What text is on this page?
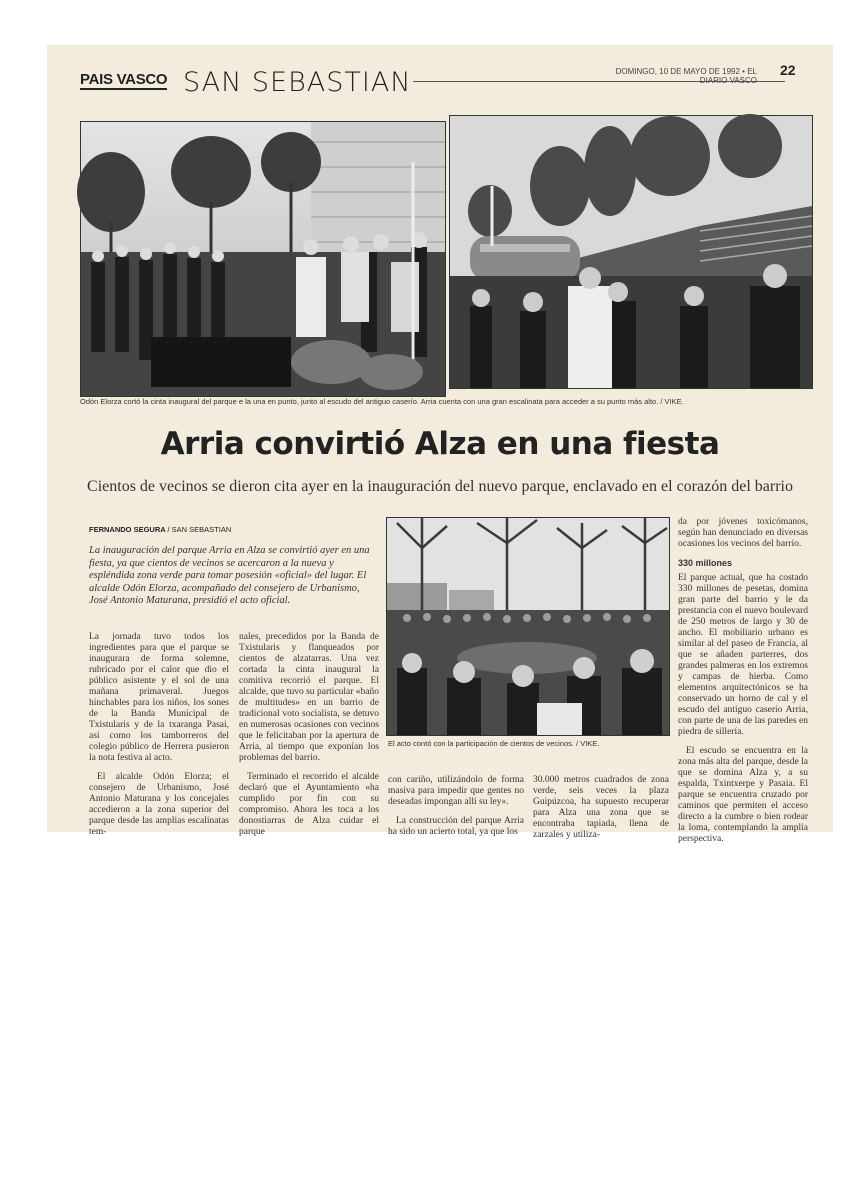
PAIS VASCO SAN SEBASTIAN	DOMINGO, 10 DE MAYO DE 1992 • EL DIARIO VASCO
22
Odón Elorza cortó la cinta inaugural del parque e la una en punto, junto al escudo del antiguo caserío. Arria cuenta con una gran escalinata para acceder a su punto más alto. / VIKE.
Arria convirtió Alza en una fiesta
Cientos de vecinos se dieron cita ayer en la inauguración del nuevo parque, enclavado en el corazón del barrio
FERNANDO SEGURA / SAN SEBASTIAN
La inauguración del parque Arria en Alza se convirtió ayer en una fiesta, ya que cientos de vecinos se acercaron a la nueva y espléndida zona verde para tomar posesión «oficial» del lugar. El alcalde Odón Elorza, acompañado del consejero de Urbanismo, José Antonio Maturana, presidió el acto oficial.
El acto contó con la participación de cientos de vecinos. / VIKE.

La jornada tuvo todos los ingredientes para que el parque se inaugurara de forma solemne, rubricado por el calor que dio el público asistente y el sol de una mañana primaveral. Juegos hinchables para los niños, los sones de la Banda Municipal de Txistularis y de la txaranga Pasai, así como los tamborreros del colegio público de Herrera pusieron la nota festiva al acto.

El alcalde Odón Elorza; el consejero de Urbanismo, José Antonio Maturana y los concejales accedieron a la zona superior del parque desde las amplias escalinatas tem-

nales, precedidos por la Banda de Txistularis y flanqueados por cientos de alzatarras. Una vez cortada la cinta inaugural la comitiva recorrió el parque. El alcalde, que tuvo su particular «baño de multitudes» en un barrio de tradicional voto socialista, se detuvo en numerosas ocasiones con vecinos que le felicitaban por la apertura de Arria, al tiempo que exponían los problemas del barrio.

Terminado el recorrido el alcalde declaró que el Ayuntamiento «ha cumplido por fin con su compromiso. Ahora les toca a los donostiarras de Alza cuidar el parque

con cariño, utilizándolo de forma masiva para impedir que gentes no deseadas impongan allí su ley».

La construcción del parque Arria ha sido un acierto total, ya que los

30.000 metros cuadrados de zona verde, seis veces la plaza Guipúzcoa, ha supuesto recuperar para Alza una zona que se encontraba tapiada, llena de zarzales y utiliza-

da por jóvenes toxicómanos, según han denunciado en diversas ocasiones los vecinos del barrio.

330 millones

El parque actual, que ha costado 330 millones de pesetas, domina gran parte del barrio y le da prestancia con el nuevo boulevard de 250 metros de largo y 30 de ancho. El mobiliario urbano es similar al del paseo de Francia, al que se añaden parterres, dos grandes palmeras en los extremos y campas de hierba. Como elementos arquitectónicos se ha conservado un horno de cal y el escudo del antiguo caserío Arria, con parte de una de las paredes en piedra de sillería.

El escudo se encuentra en la zona más alta del parque, desde la que se domina Alza y, a su espalda, Txintxerpe y Pasaia. El parque se encuentra cruzado por caminos que permiten el acceso directo a la cumbre o bien rodear la loma, contemplando la amplia perspectiva.
